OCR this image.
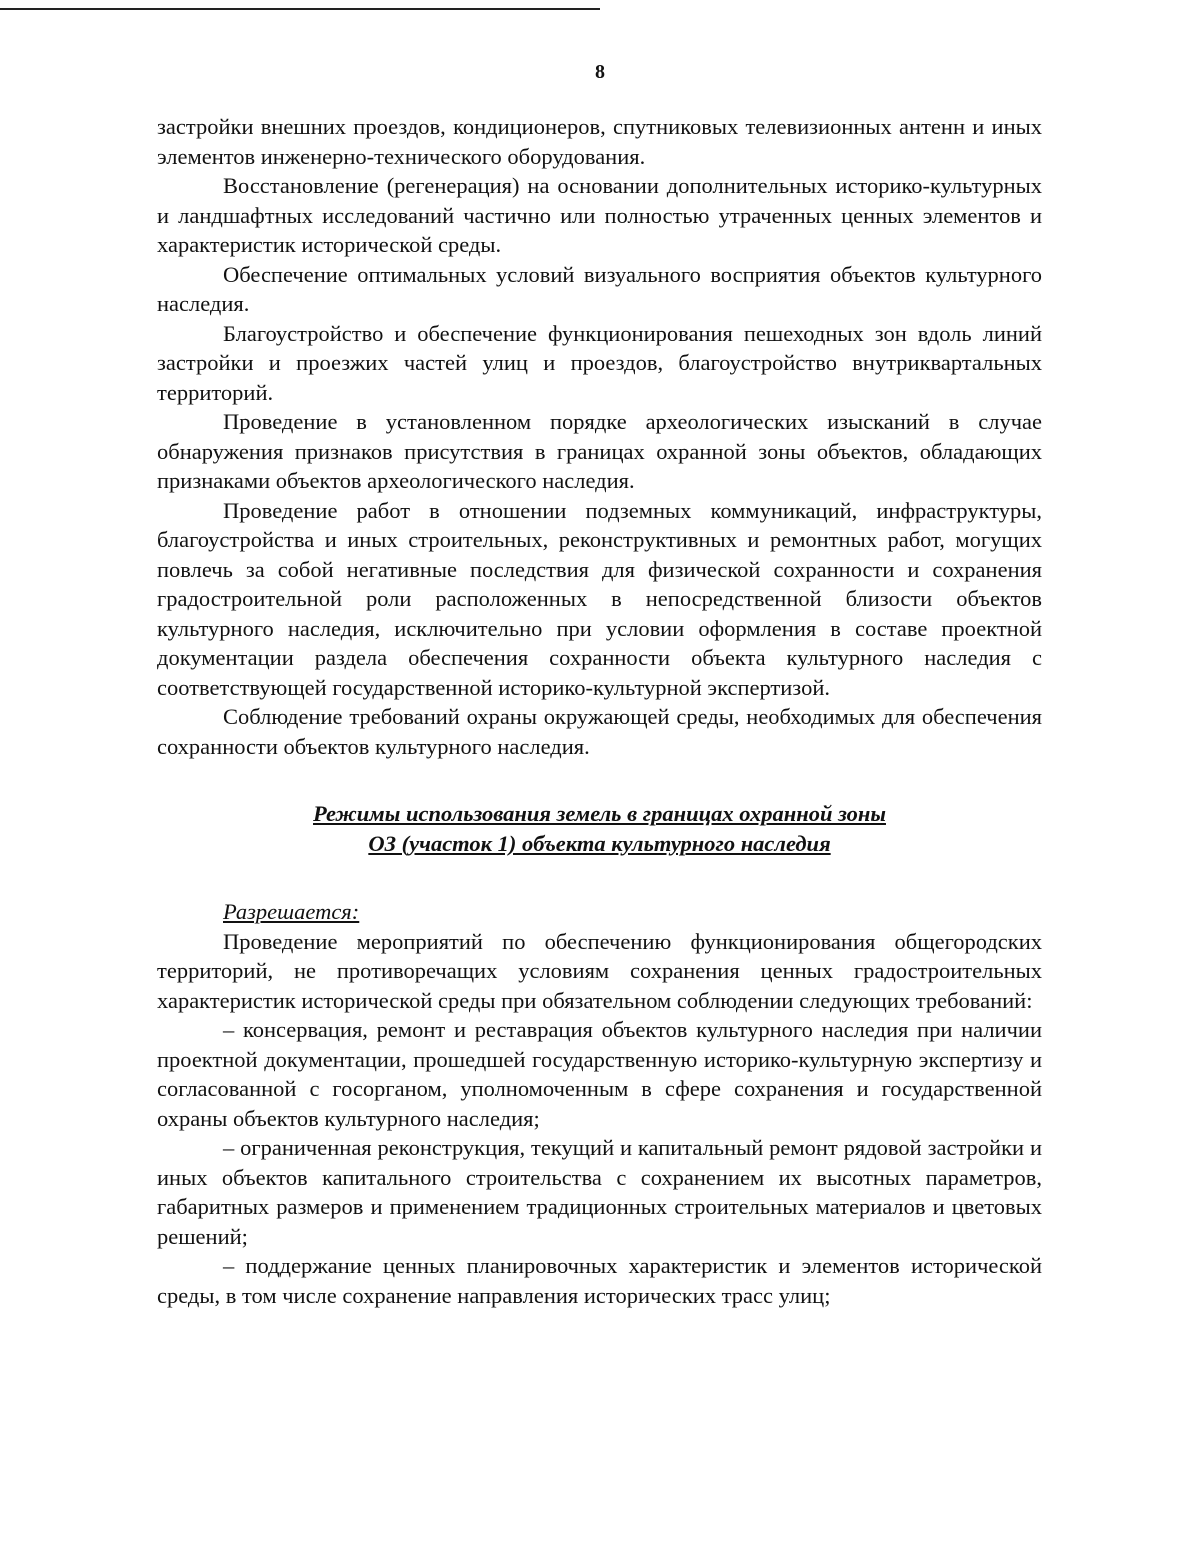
8

застройки внешних проездов, кондиционеров, спутниковых телевизионных антенн и иных элементов инженерно-технического оборудования.

Восстановление (регенерация) на основании дополнительных историко-культурных и ландшафтных исследований частично или полностью утраченных ценных элементов и характеристик исторической среды.

Обеспечение оптимальных условий визуального восприятия объектов культурного наследия.

Благоустройство и обеспечение функционирования пешеходных зон вдоль линий застройки и проезжих частей улиц и проездов, благоустройство внутриквартальных территорий.

Проведение в установленном порядке археологических изысканий в случае обнаружения признаков присутствия в границах охранной зоны объектов, обладающих признаками объектов археологического наследия.

Проведение работ в отношении подземных коммуникаций, инфраструктуры, благоустройства и иных строительных, реконструктивных и ремонтных работ, могущих повлечь за собой негативные последствия для физической сохранности и сохранения градостроительной роли расположенных в непосредственной близости объектов культурного наследия, исключительно при условии оформления в составе проектной документации раздела обеспечения сохранности объекта культурного наследия с соответствующей государственной историко-культурной экспертизой.

Соблюдение требований охраны окружающей среды, необходимых для обеспечения сохранности объектов культурного наследия.

Режимы использования земель в границах охранной зоны
ОЗ (участок 1) объекта культурного наследия

Разрешается:

Проведение мероприятий по обеспечению функционирования общегородских территорий, не противоречащих условиям сохранения ценных градостроительных характеристик исторической среды при обязательном соблюдении следующих требований:

– консервация, ремонт и реставрация объектов культурного наследия при наличии проектной документации, прошедшей государственную историко-культурную экспертизу и согласованной с госорганом, уполномоченным в сфере сохранения и государственной охраны объектов культурного наследия;

– ограниченная реконструкция, текущий и капитальный ремонт рядовой застройки и иных объектов капитального строительства с сохранением их высотных параметров, габаритных размеров и применением традиционных строительных материалов и цветовых решений;

– поддержание ценных планировочных характеристик и элементов исторической среды, в том числе сохранение направления исторических трасс улиц;
